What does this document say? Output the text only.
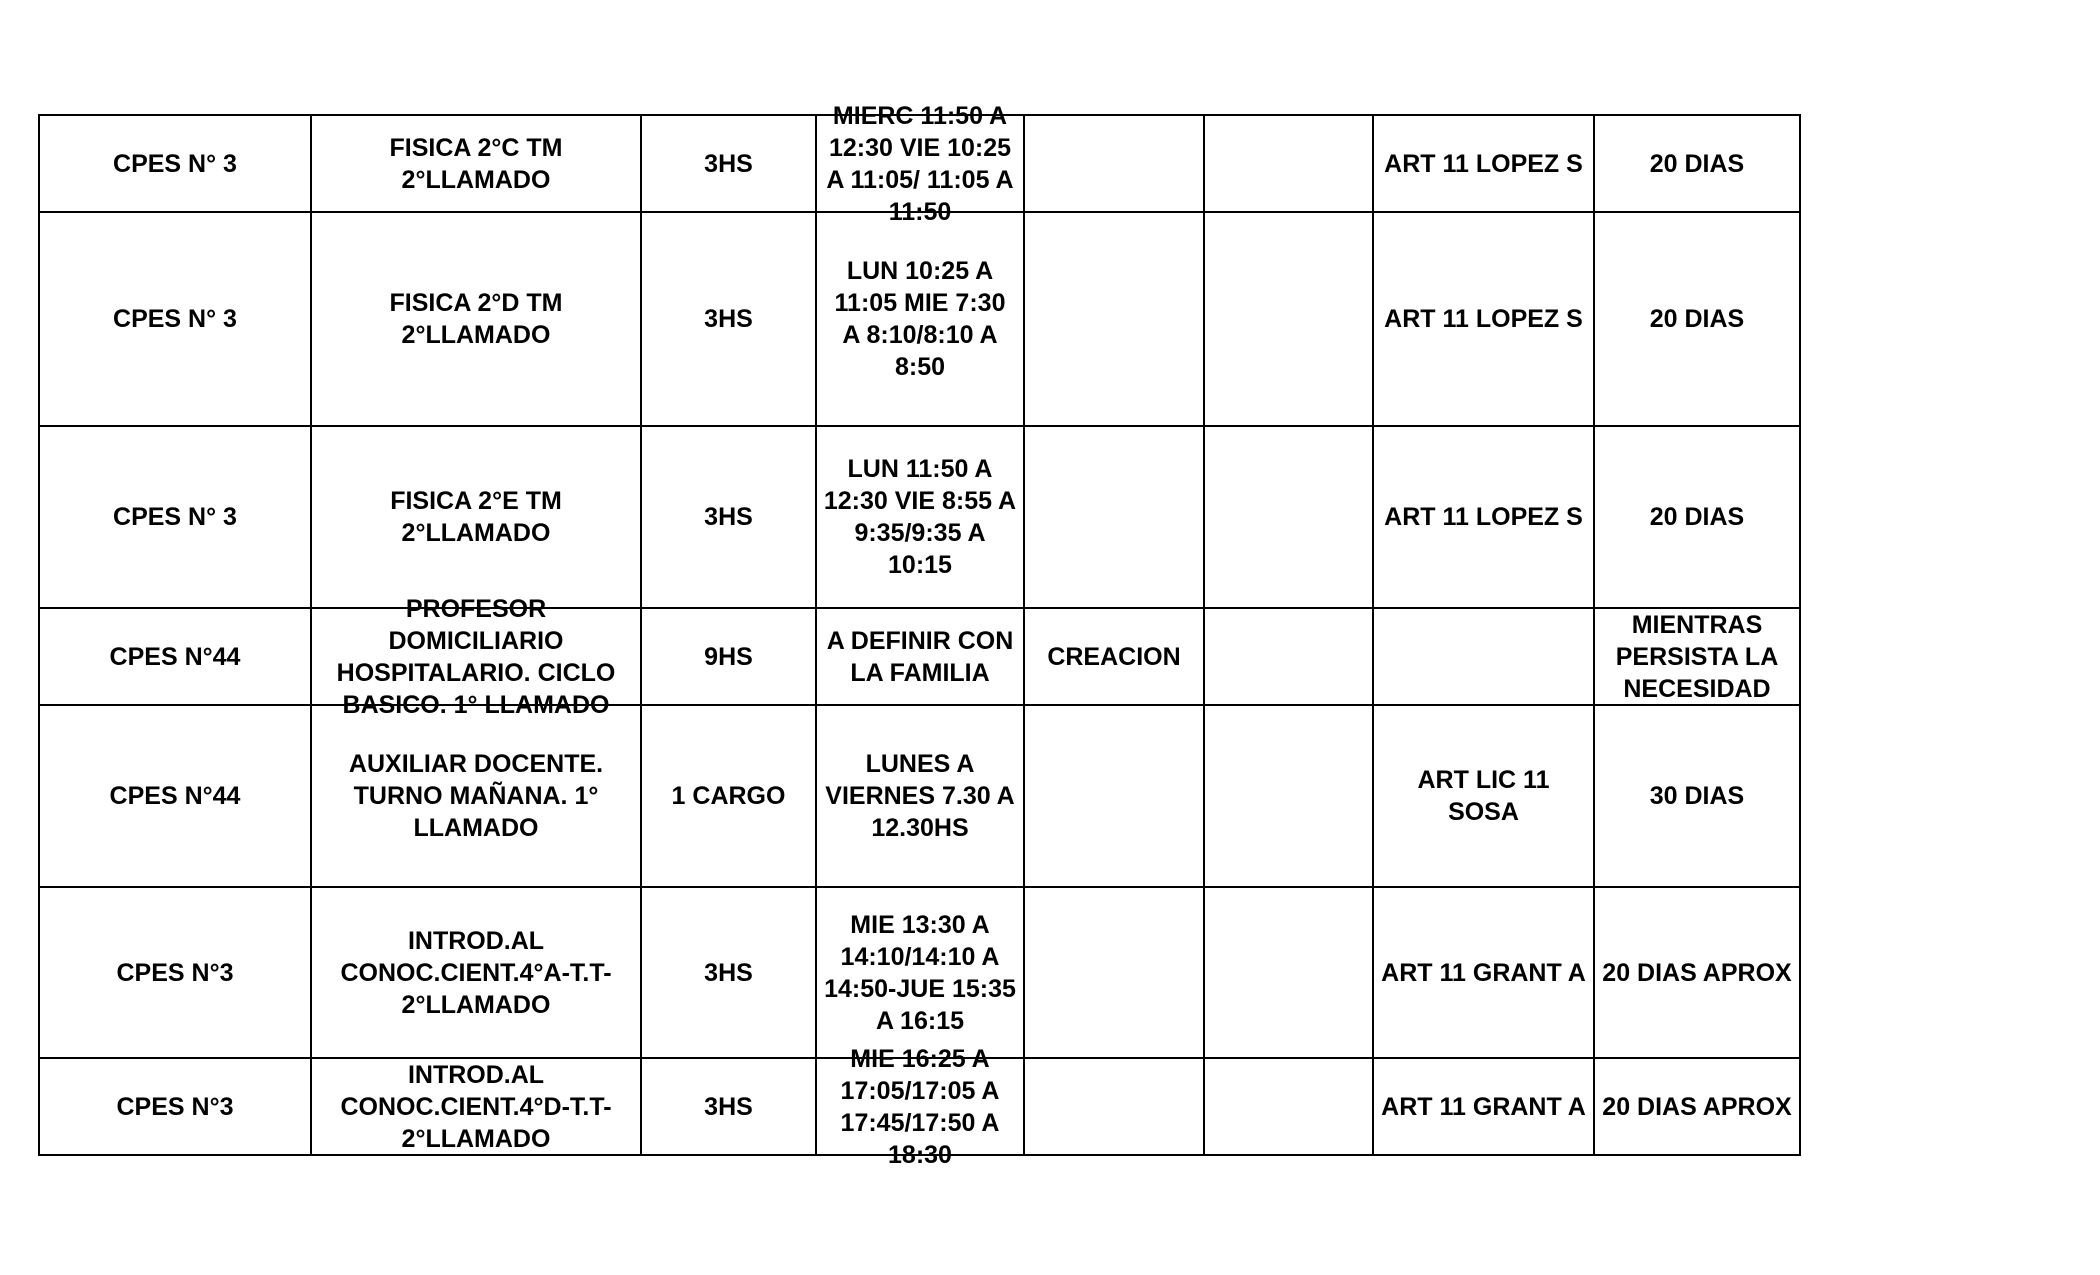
CPES N° 3	FISICA 2°C TM 2°LLAMADO	3HS	MIERC 11:50 A 12:30 VIE 10:25 A 11:05/ 11:05 A 11:50			ART 11 LOPEZ S	20 DIAS

CPES N° 3	FISICA 2°D TM 2°LLAMADO	3HS	LUN 10:25 A 11:05 MIE 7:30 A 8:10/8:10 A 8:50			ART 11 LOPEZ S	20 DIAS

CPES N° 3	FISICA 2°E TM 2°LLAMADO	3HS	LUN 11:50 A 12:30 VIE 8:55 A 9:35/9:35 A 10:15			ART 11 LOPEZ S	20 DIAS

CPES N°44	PROFESOR DOMICILIARIO HOSPITALARIO. CICLO BASICO. 1° LLAMADO	9HS	A DEFINIR CON LA FAMILIA	CREACION			MIENTRAS PERSISTA LA NECESIDAD

CPES N°44	AUXILIAR DOCENTE. TURNO MAÑANA. 1° LLAMADO	1 CARGO	LUNES A VIERNES 7.30 A 12.30HS			ART LIC 11 SOSA	30 DIAS

CPES N°3	INTROD.AL CONOC.CIENT.4°A-T.T-2°LLAMADO	3HS	MIE 13:30 A 14:10/14:10 A 14:50-JUE 15:35 A 16:15			ART 11 GRANT A	20 DIAS APROX

CPES N°3	INTROD.AL CONOC.CIENT.4°D-T.T-2°LLAMADO	3HS	MIE 16:25 A 17:05/17:05 A 17:45/17:50 A 18:30			ART 11 GRANT A	20 DIAS APROX
